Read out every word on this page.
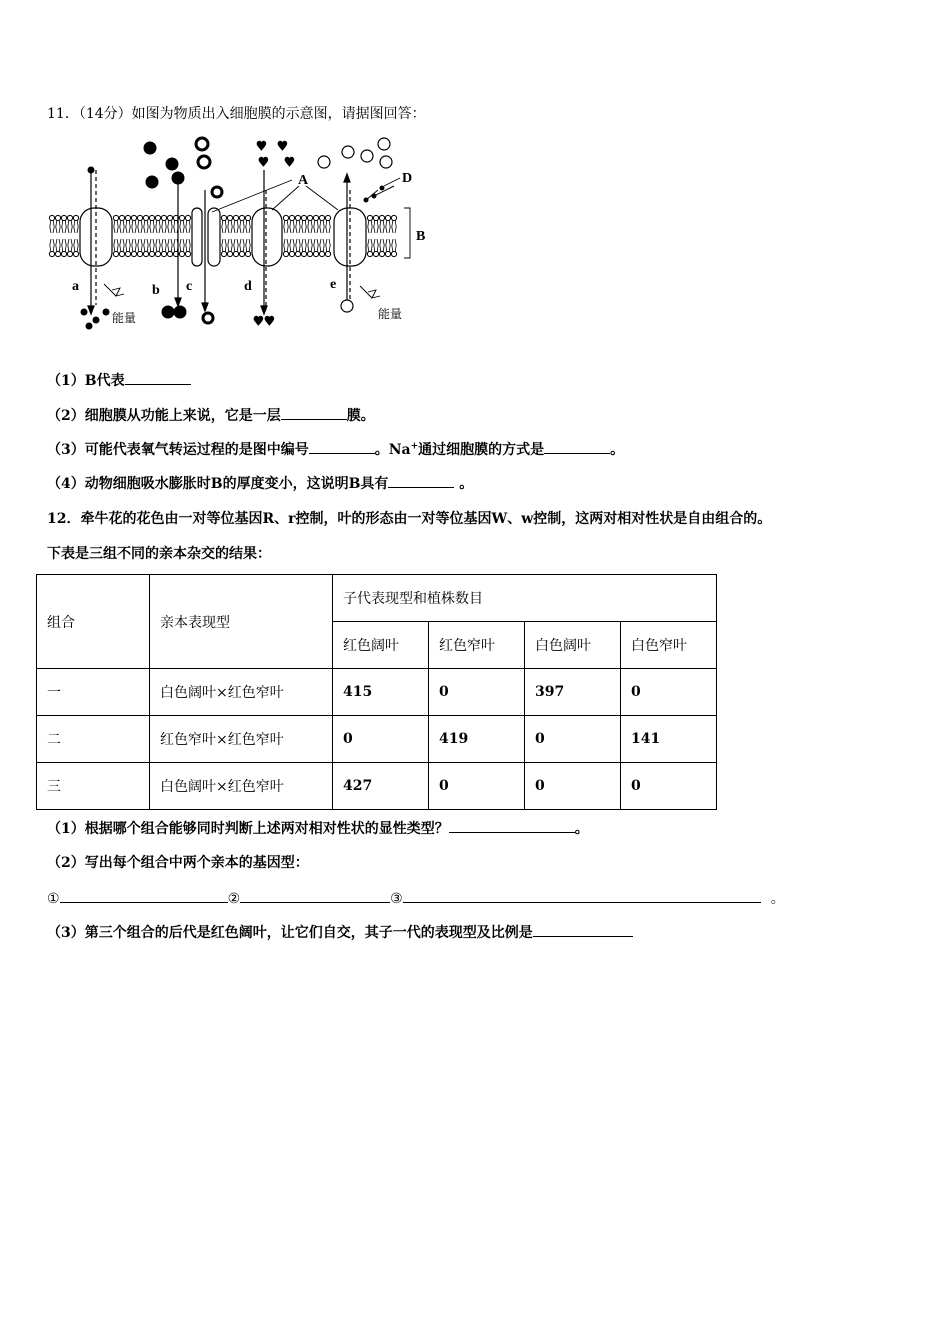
11．（14分）如图为物质出入细胞膜的示意图，请据图回答：
♥ ♥
♥ ♥
♥ ♥
A
B
D
a	b c	d	e
能量	能量
（1）B代表
（2）细胞膜从功能上来说，它是一层	膜。
（3）可能代表氧气转运过程的是图中编号	。Na+通过细胞膜的方式是	。
（4）动物细胞吸水膨胀时B的厚度变小，这说明B具有	。
12．牵牛花的花色由一对等位基因R、r控制，叶的形态由一对等位基因W、w控制，这两对相对性状是自由组合的。
下表是三组不同的亲本杂交的结果：
组合	亲本表现型	子代表现型和植株数目			
		红色阔叶	红色窄叶	白色阔叶	白色窄叶
一	白色阔叶×红色窄叶	415	0	397	0
二	红色窄叶×红色窄叶	0	419	0	141
三	白色阔叶×红色窄叶	427	0	0	0
（1）根据哪个组合能够同时判断上述两对相对性状的显性类型？	。
（2）写出每个组合中两个亲本的基因型：
①	②	③	。
（3）第三个组合的后代是红色阔叶，让它们自交，其子一代的表现型及比例是
